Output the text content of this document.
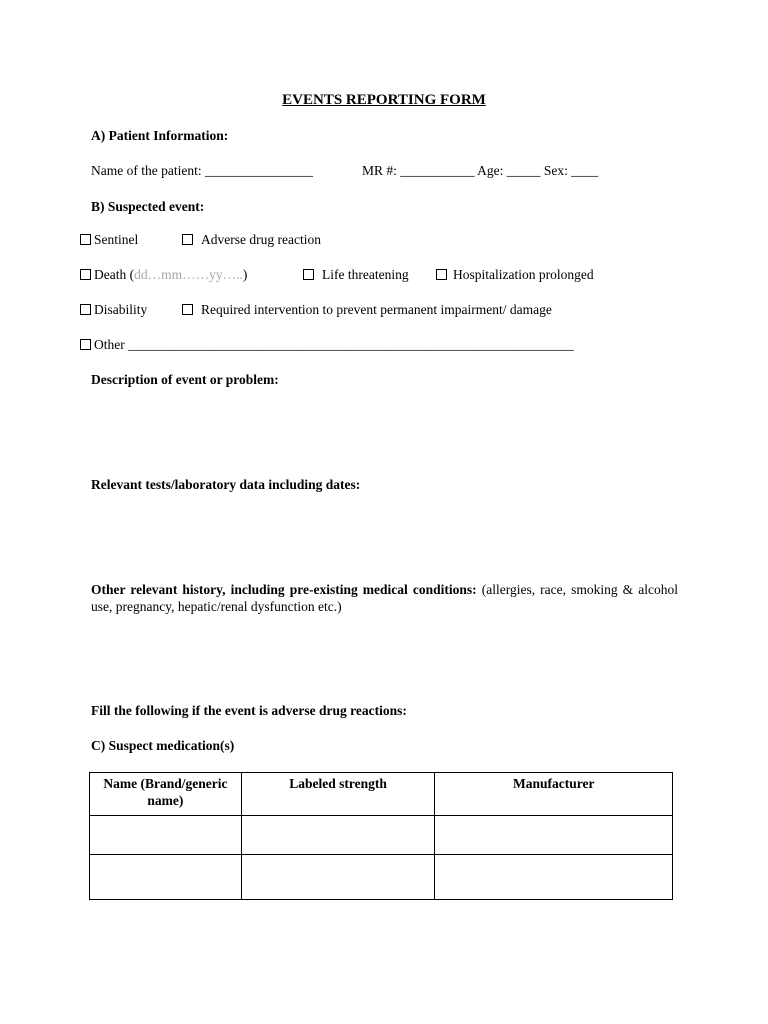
EVENTS REPORTING FORM
A) Patient Information:
Name of the patient: ________________	MR #: ___________ Age: _____ Sex: ____
B) Suspected event:
Sentinel	Adverse drug reaction
Death (dd…mm……yy…..)	Life threatening	Hospitalization prolonged
Disability	Required intervention to prevent permanent impairment/ damage
Other __________________________________________________________________
Description of event or problem:
Relevant tests/laboratory data including dates:
Other relevant history, including pre-existing medical conditions: (allergies, race, smoking & alcohol use, pregnancy, hepatic/renal dysfunction etc.)
Fill the following if the event is adverse drug reactions:
C) Suspect medication(s)
Name (Brand/generic name)	Labeled strength	Manufacturer
